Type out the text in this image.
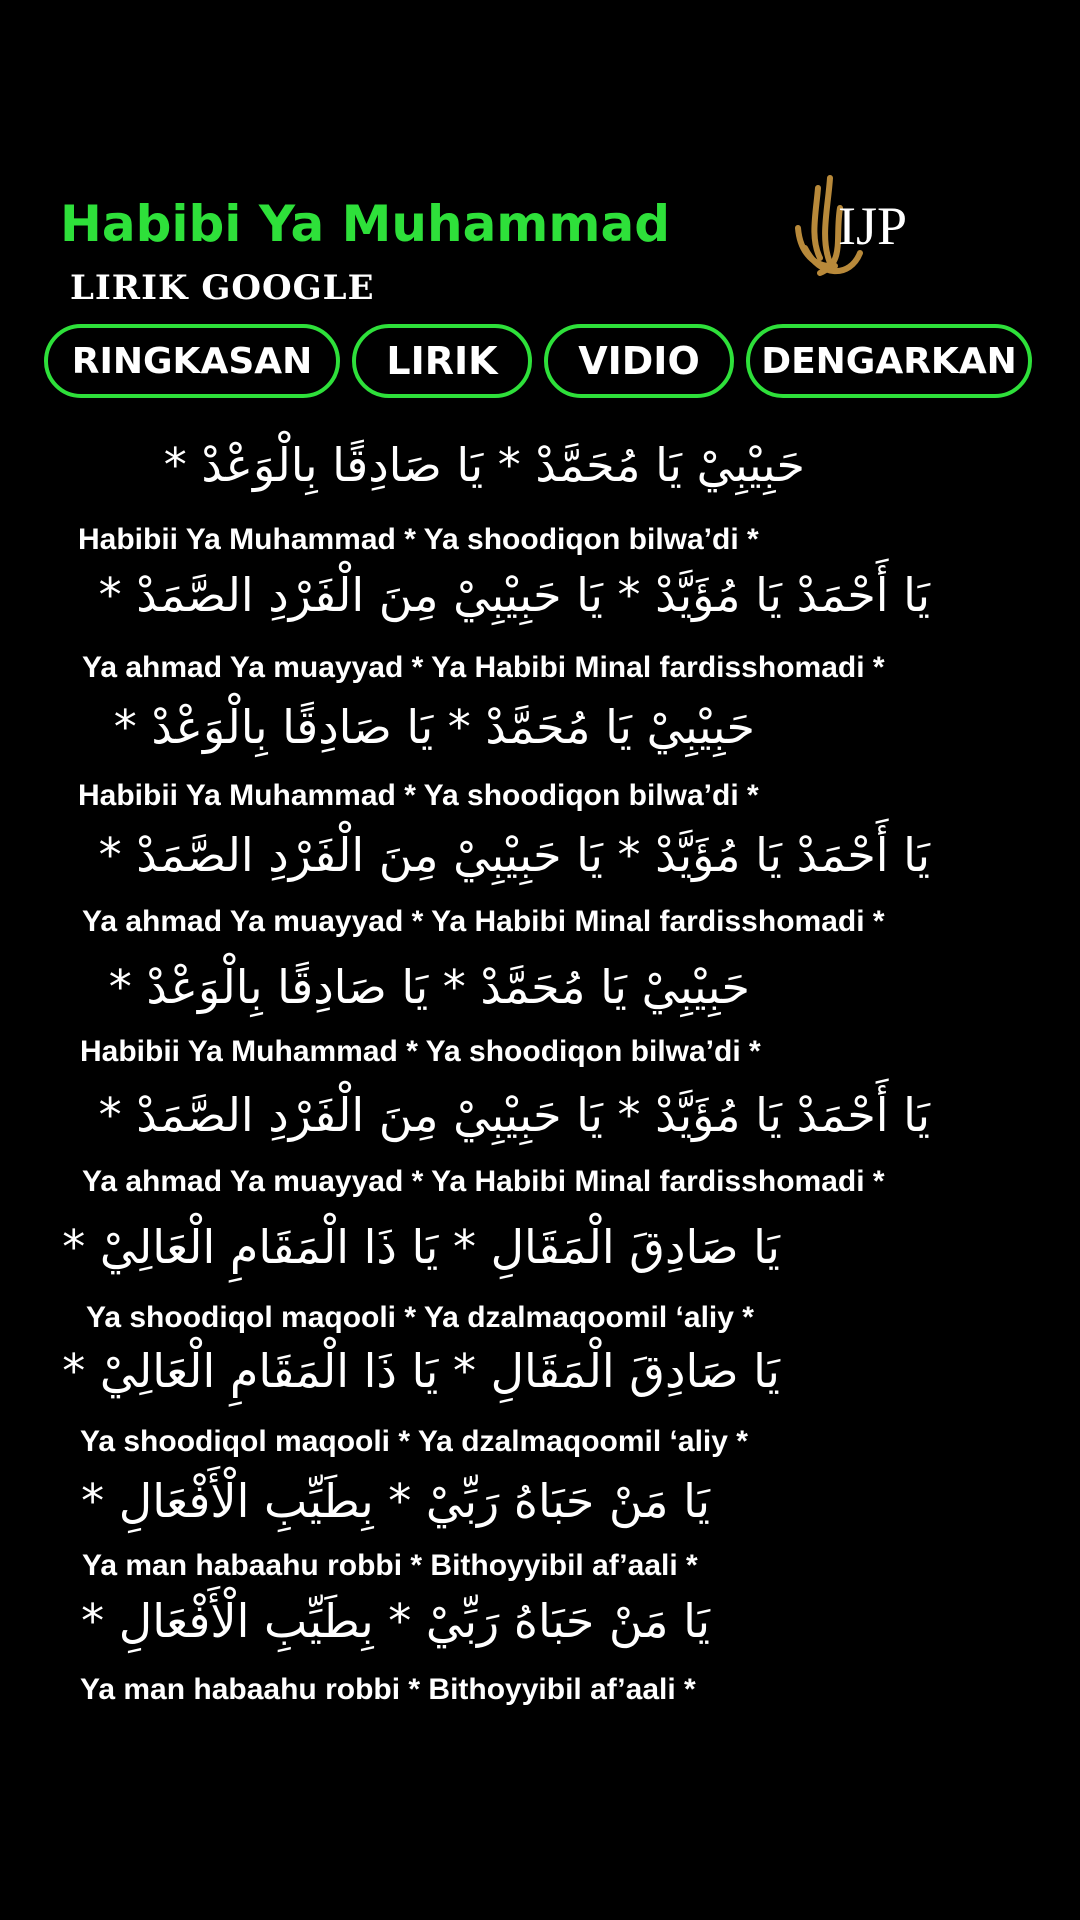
Habibi Ya Muhammad
LIRIK GOOGLE
IJP
RINGKASAN	LIRIK	VIDIO	DENGARKAN
حَبِيْبِيْ يَا مُحَمَّدْ * يَا صَادِقًا بِالْوَعْدْ *
Habibii Ya Muhammad * Ya shoodiqon bilwa’di *
يَا أَحْمَدْ يَا مُؤَيَّدْ * يَا حَبِيْبِيْ مِنَ الْفَرْدِ الصَّمَدْ *
Ya ahmad Ya muayyad * Ya Habibi Minal fardisshomadi *
حَبِيْبِيْ يَا مُحَمَّدْ * يَا صَادِقًا بِالْوَعْدْ *
Habibii Ya Muhammad * Ya shoodiqon bilwa’di *
يَا أَحْمَدْ يَا مُؤَيَّدْ * يَا حَبِيْبِيْ مِنَ الْفَرْدِ الصَّمَدْ *
Ya ahmad Ya muayyad * Ya Habibi Minal fardisshomadi *
حَبِيْبِيْ يَا مُحَمَّدْ * يَا صَادِقًا بِالْوَعْدْ *
Habibii Ya Muhammad * Ya shoodiqon bilwa’di *
يَا أَحْمَدْ يَا مُؤَيَّدْ * يَا حَبِيْبِيْ مِنَ الْفَرْدِ الصَّمَدْ *
Ya ahmad Ya muayyad * Ya Habibi Minal fardisshomadi *
يَا صَادِقَ الْمَقَالِ * يَا ذَا الْمَقَامِ الْعَالِيْ *
Ya shoodiqol maqooli * Ya dzalmaqoomil ‘aliy *
يَا صَادِقَ الْمَقَالِ * يَا ذَا الْمَقَامِ الْعَالِيْ *
Ya shoodiqol maqooli * Ya dzalmaqoomil ‘aliy *
يَا مَنْ حَبَاهُ رَبِّيْ * بِطَيِّبِ الْأَفْعَالِ *
Ya man habaahu robbi * Bithoyyibil af’aali *
يَا مَنْ حَبَاهُ رَبِّيْ * بِطَيِّبِ الْأَفْعَالِ *
Ya man habaahu robbi * Bithoyyibil af’aali *
